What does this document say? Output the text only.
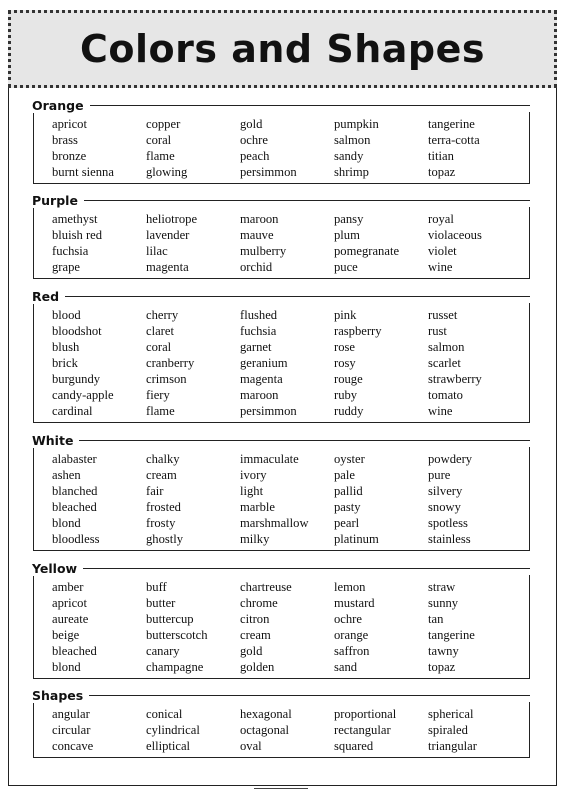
Colors and Shapes
Orange
apricot
brass
bronze
burnt sienna
copper
coral
flame
glowing
gold
ochre
peach
persimmon
pumpkin
salmon
sandy
shrimp
tangerine
terra-cotta
titian
topaz
Purple
amethyst
bluish red
fuchsia
grape
heliotrope
lavender
lilac
magenta
maroon
mauve
mulberry
orchid
pansy
plum
pomegranate
puce
royal
violaceous
violet
wine
Red
blood
bloodshot
blush
brick
burgundy
candy-apple
cardinal
cherry
claret
coral
cranberry
crimson
fiery
flame
flushed
fuchsia
garnet
geranium
magenta
maroon
persimmon
pink
raspberry
rose
rosy
rouge
ruby
ruddy
russet
rust
salmon
scarlet
strawberry
tomato
wine
White
alabaster
ashen
blanched
bleached
blond
bloodless
chalky
cream
fair
frosted
frosty
ghostly
immaculate
ivory
light
marble
marshmallow
milky
oyster
pale
pallid
pasty
pearl
platinum
powdery
pure
silvery
snowy
spotless
stainless
Yellow
amber
apricot
aureate
beige
bleached
blond
buff
butter
buttercup
butterscotch
canary
champagne
chartreuse
chrome
citron
cream
gold
golden
lemon
mustard
ochre
orange
saffron
sand
straw
sunny
tan
tangerine
tawny
topaz
Shapes
angular
circular
concave
conical
cylindrical
elliptical
hexagonal
octagonal
oval
proportional
rectangular
squared
spherical
spiraled
triangular
